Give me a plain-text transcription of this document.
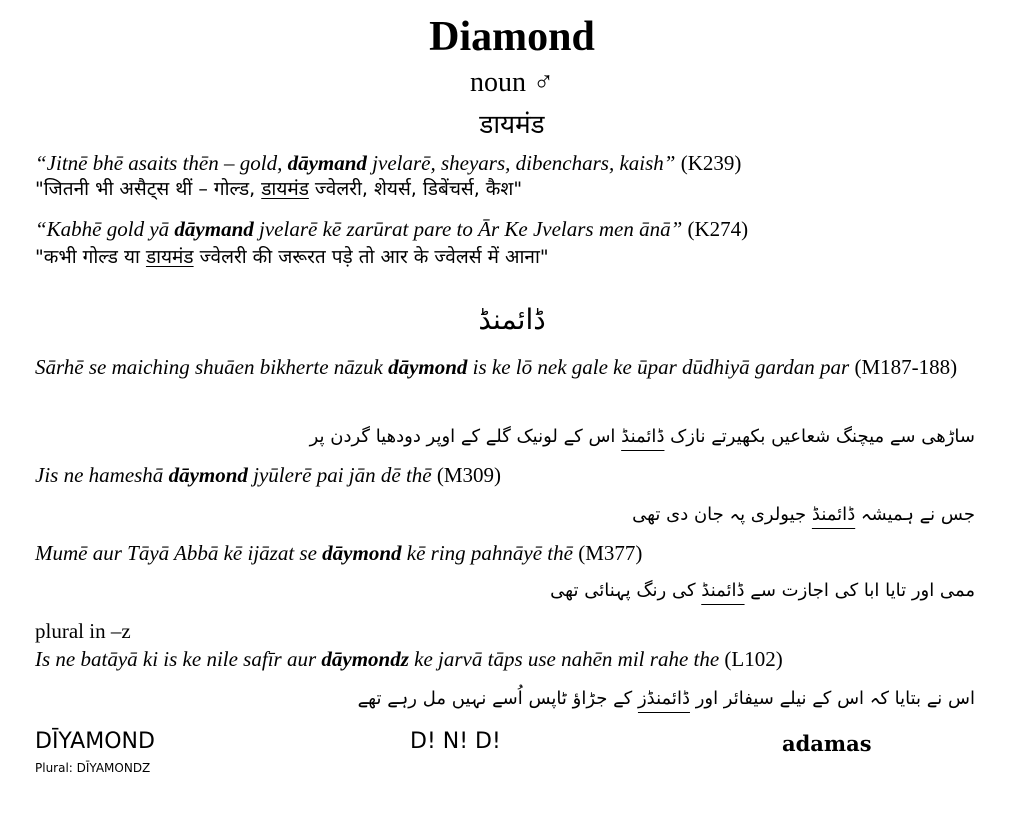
Diamond
noun ♂
डायमंड
“Jitnē bhē asaits thēn – gold, dāymand jvelarē, sheyars, dibenchars, kaish” (K239)
"जितनी भी असैट्स थीं – गोल्ड, डायमंड ज्वेलरी, शेयर्स, डिबेंचर्स, कैश"
“Kabhē gold yā dāymand jvelarē kē zarūrat pare to Ār Ke Jvelars men ānā” (K274)
"कभी गोल्ड या डायमंड ज्वेलरी की जरूरत पड़े तो आर के ज्वेलर्स में आना"
ڈائمنڈ
Sārhē se maiching shuāen bikherte nāzuk dāymond is ke lō nek gale ke ūpar dūdhiyā gardan par (M187-188)
ساڑھی سے میچنگ شعاعیں بکھیرتے نازک ڈائمنڈ اس کے لونیک گلے کے اوپر دودھیا گردن پر
Jis ne hameshā dāymond jyūlerē pai jān dē thē (M309)
جس نے ہمیشہ ڈائمنڈ جیولری پہ جان دی تھی
Mumē aur Tāyā Abbā kē ijāzat se dāymond kē ring pahnāyē thē (M377)
ممی اور تایا ابا کی اجازت سے ڈائمنڈ کی رنگ پہنائی تھی
plural in –z
Is ne batāyā ki is ke nile safīr aur dāymondz ke jarvā tāps use nahēn mil rahe the (L102)
اس نے بتایا کہ اس کے نیلے سیفائر اور ڈائمنڈز کے جڑاؤ ٹاپس اُسے نہیں مل رہے تھے
DĪYAMOND
Plural: DĪYAMONDZ
D! N! D!	adamas
